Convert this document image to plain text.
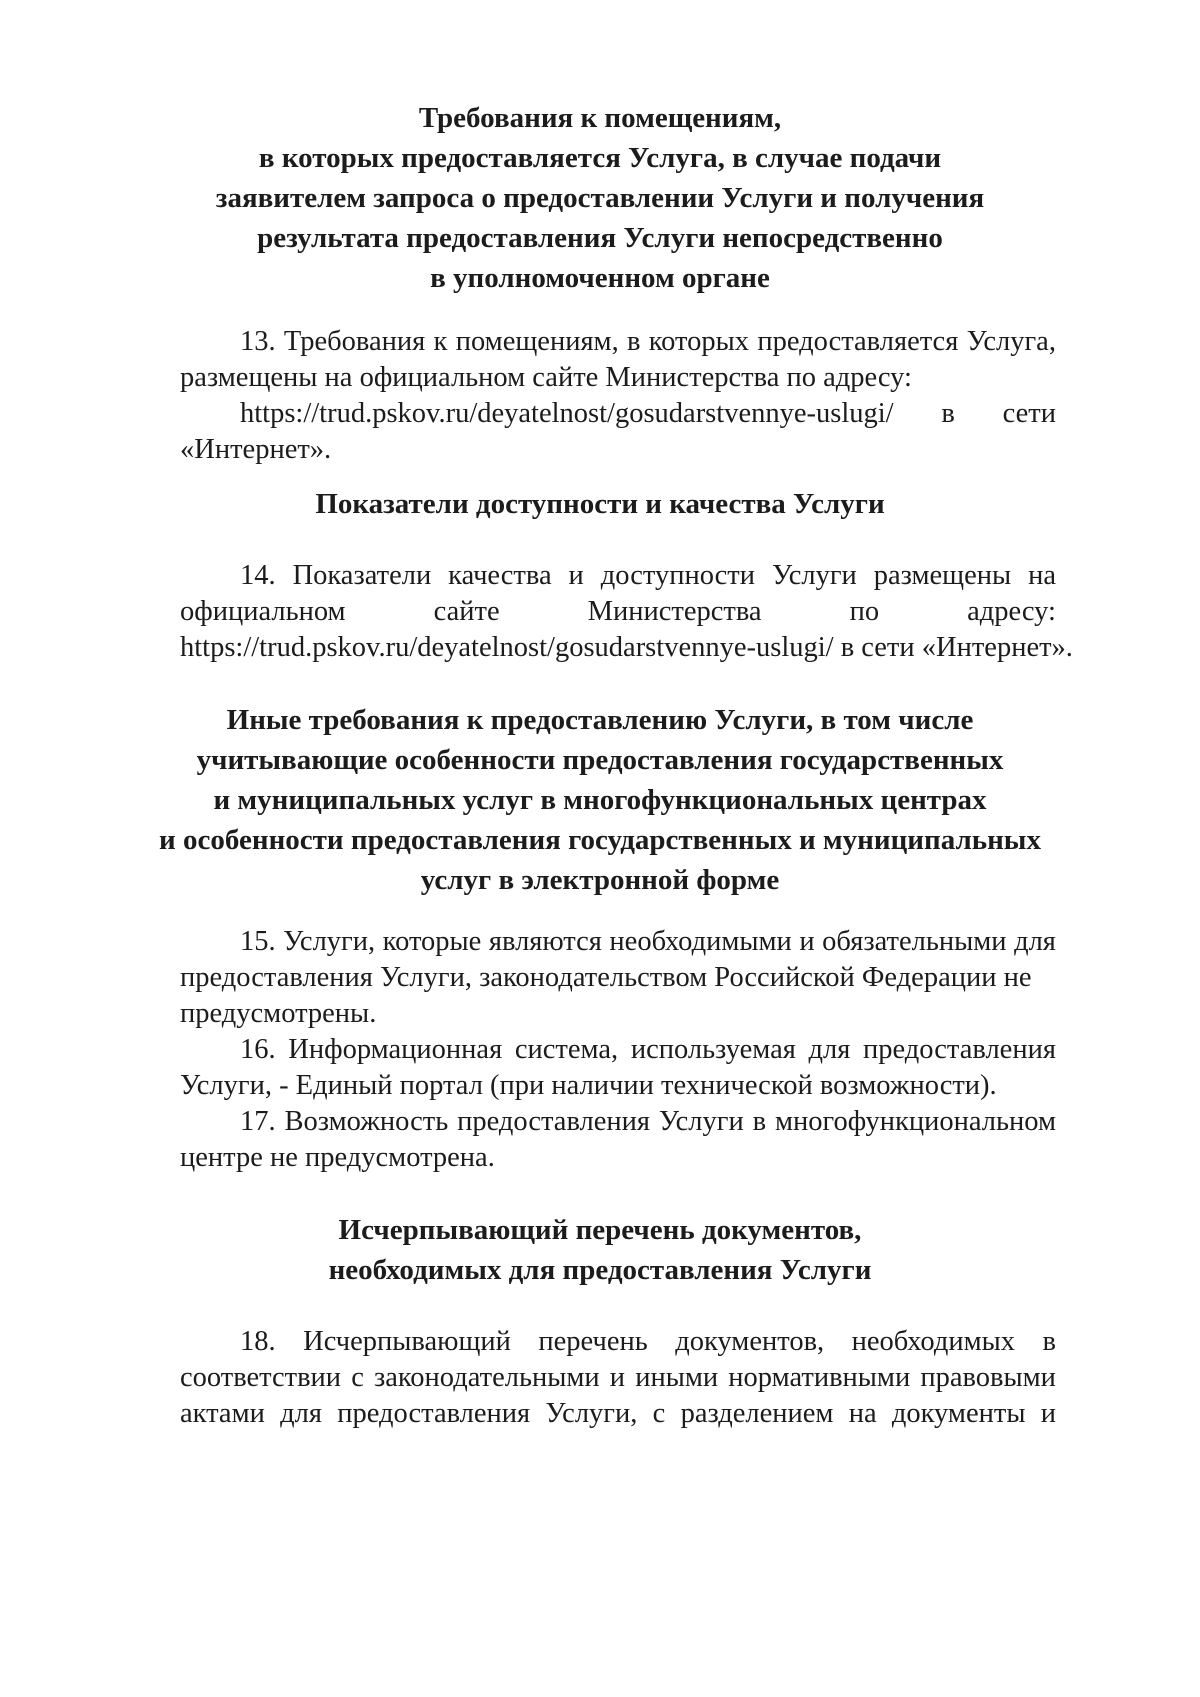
Требования к помещениям,
в которых предоставляется Услуга, в случае подачи
заявителем запроса о предоставлении Услуги и получения
результата предоставления Услуги непосредственно
в уполномоченном органе
13. Требования к помещениям, в которых предоставляется Услуга,
размещены на официальном сайте Министерства по адресу:
https://trud.pskov.ru/deyatelnost/gosudarstvennye-uslugi/ в сети
«Интернет».
Показатели доступности и качества Услуги
14. Показатели качества и доступности Услуги размещены на
официальном	сайте	Министерства	по	адресу:
https://trud.pskov.ru/deyatelnost/gosudarstvennye-uslugi/ в сети «Интернет».
Иные требования к предоставлению Услуги, в том числе
учитывающие особенности предоставления государственных
и муниципальных услуг в многофункциональных центрах
и особенности предоставления государственных и муниципальных
услуг в электронной форме
15. Услуги, которые являются необходимыми и обязательными для
предоставления Услуги, законодательством Российской Федерации не
предусмотрены.
16. Информационная система, используемая для предоставления
Услуги, - Единый портал (при наличии технической возможности).
17. Возможность предоставления Услуги в многофункциональном
центре не предусмотрена.
Исчерпывающий перечень документов,
необходимых для предоставления Услуги
18. Исчерпывающий перечень документов, необходимых в
соответствии с законодательными и иными нормативными правовыми
актами для предоставления Услуги, с разделением на документы и
